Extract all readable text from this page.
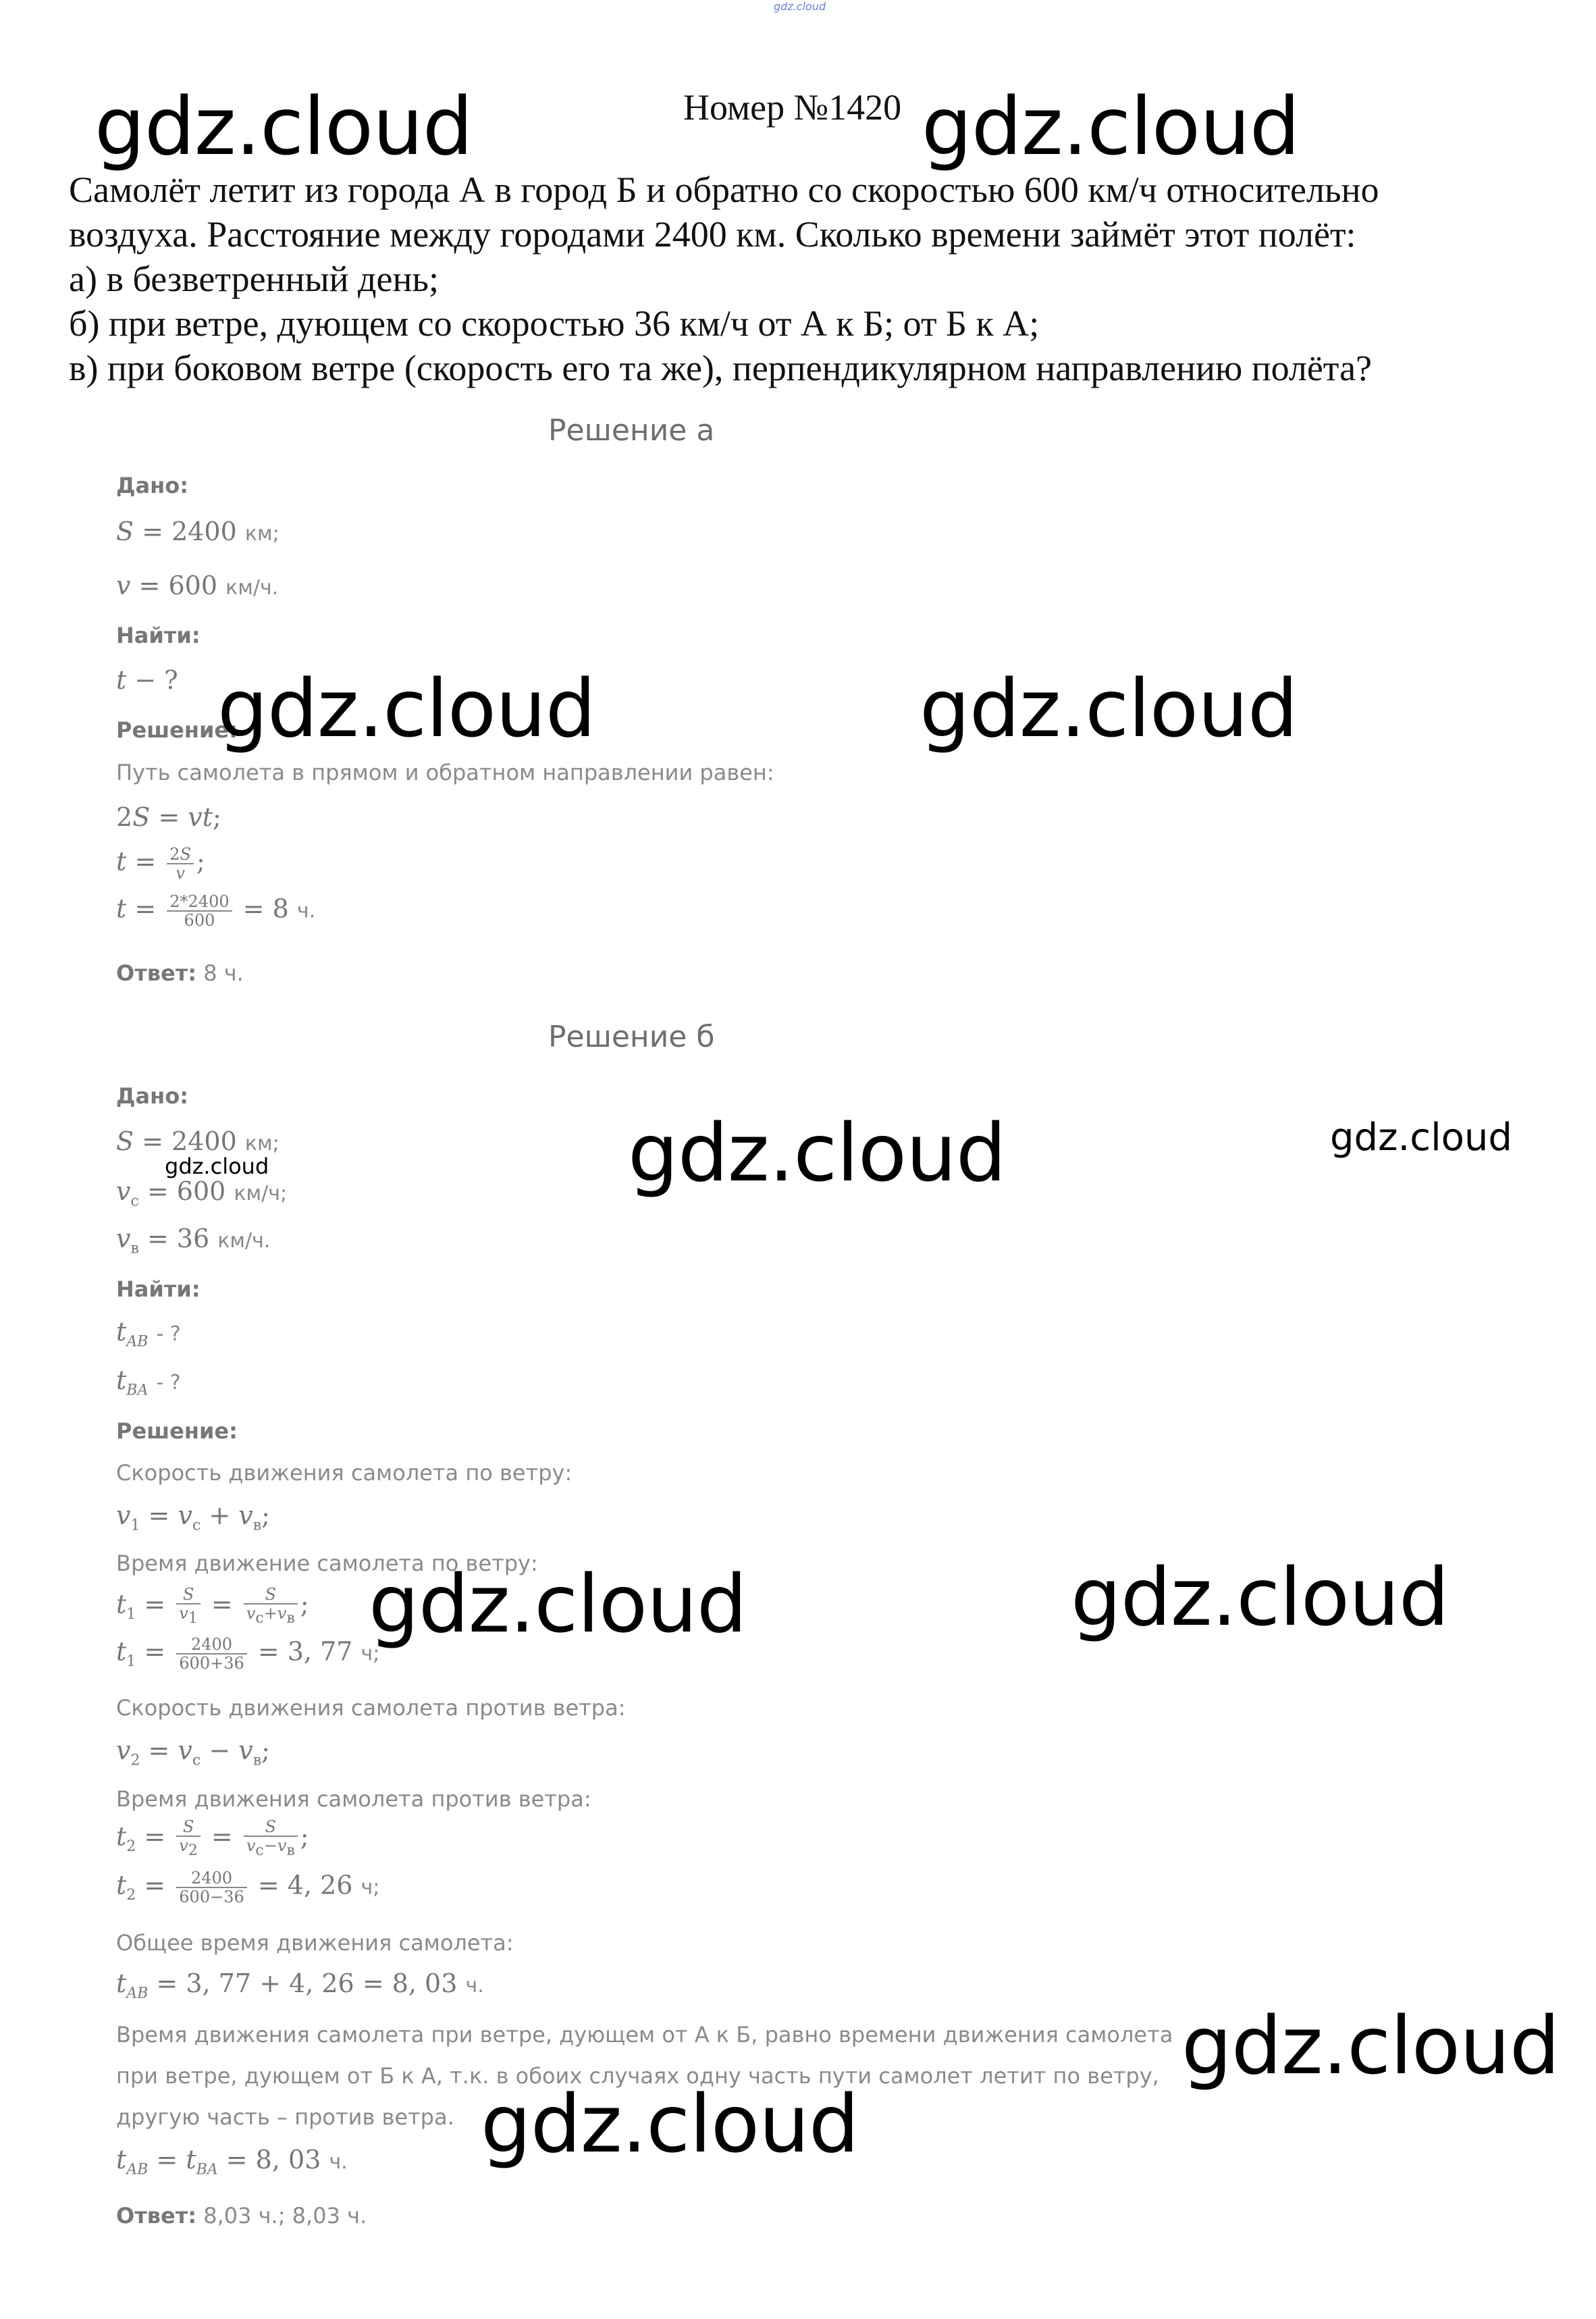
gdz.cloud
Номер №1420
Самолёт летит из города А в город Б и обратно со скоростью 600 км/ч относительно
воздуха. Расстояние между городами 2400 км. Сколько времени займёт этот полёт:
а) в безветренный день;
б) при ветре, дующем со скоростью 36 км/ч от А к Б; от Б к А;
в) при боковом ветре (скорость его та же), перпендикулярном направлению полёта?
Решение а
Дано:
S = 2400 км;
v = 600 км/ч.
Найти:
t − ?
Решение:
Путь самолета в прямом и обратном направлении равен:
2S = vt;
$t = \frac{2S}{v}$ ;
$t = \frac{2*2400}{600} = 8$ ч.
Ответ: 8 ч.
Решение б
Дано:
S = 2400 км;
$v_с = 600$ км/ч;
$v_в = 36$ км/ч.
Найти:
$t_{AB}$ - ?
$t_{BA}$ - ?
Решение:
Скорость движения самолета по ветру:
$v_1 = v_с + v_в$;
Время движение самолета по ветру:
$t_1 = \frac{S}{v_1} = \frac{S}{v_с+v_в}$ ;
$t_1 = \frac{2400}{600+36} = 3$, 77 ч;
Скорость движения самолета против ветра:
$v_2 = v_с - v_в$;
Время движения самолета против ветра:
$t_2 = \frac{S}{v_2} = \frac{S}{v_с-v_в}$ ;
$t_2 = \frac{2400}{600-36} = 4$, 26 ч;
Общее время движения самолета:
$t_{AB} = 3$, 77 + 4, 26 = 8, 03 ч.
Время движения самолета при ветре, дующем от А к Б, равно времени движения самолета
при ветре, дующем от Б к А, т.к. в обоих случаях одну часть пути самолет летит по ветру,
другую часть – против ветра.
$t_{AB} = t_{BA} = 8$, 03 ч.
Ответ: 8,03 ч.; 8,03 ч.
gdz.cloud	gdz.cloud
gdz.cloud	gdz.cloud
gdz.cloud	gdz.cloud
gdz.cloud
gdz.cloud	gdz.cloud
gdz.cloud
gdz.cloud
